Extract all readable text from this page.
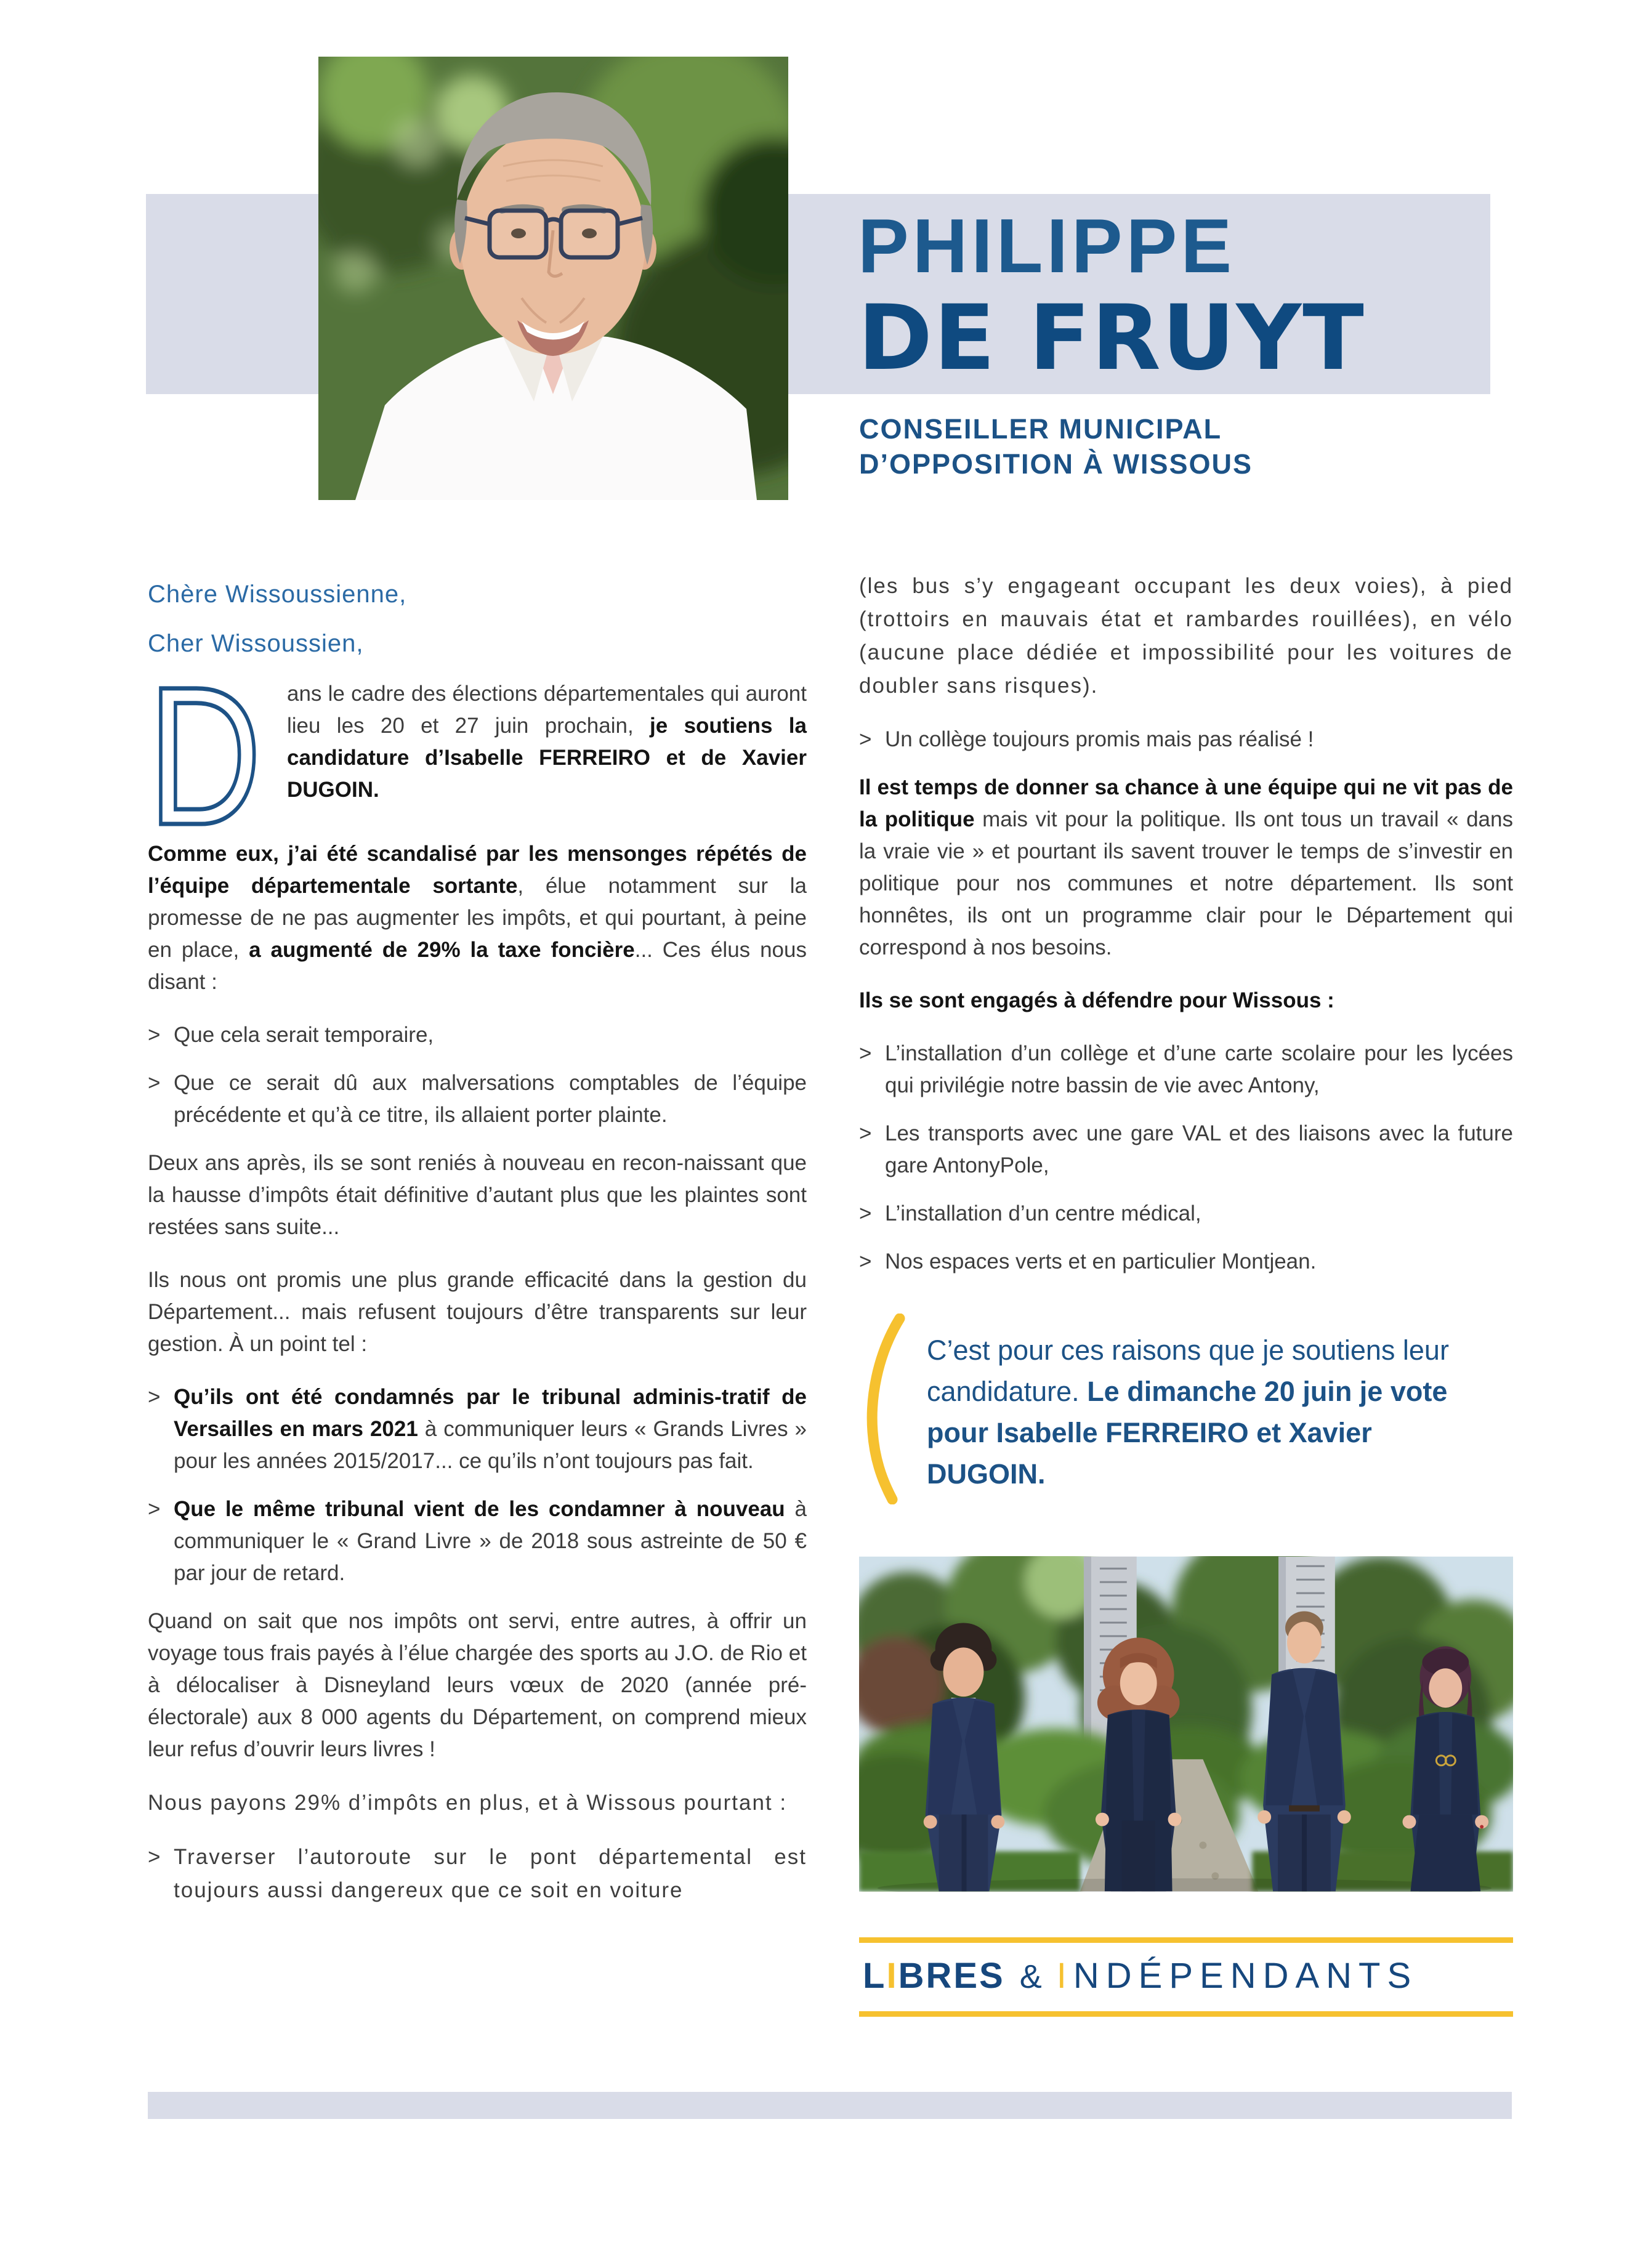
PHILIPPE
DE FRUYT
CONSEILLER MUNICIPAL
D’OPPOSITION À WISSOUS
Chère Wissoussienne,
Cher Wissoussien,
D ans le cadre des élections départementales qui auront lieu les 20 et 27 juin prochain, je soutiens la candidature d’Isabelle FERREIRO et de Xavier DUGOIN.
Comme eux, j’ai été scandalisé par les mensonges répétés de l’équipe départementale sortante, élue notamment sur la promesse de ne pas augmenter les impôts, et qui pourtant, à peine en place, a augmenté de 29% la taxe foncière... Ces élus nous disant :
> Que cela serait temporaire,
> Que ce serait dû aux malversations comptables de l’équipe précédente et qu’à ce titre, ils allaient porter plainte.
Deux ans après, ils se sont reniés à nouveau en recon-naissant que la hausse d’impôts était définitive d’autant plus que les plaintes sont restées sans suite...
Ils nous ont promis une plus grande efficacité dans la gestion du Département... mais refusent toujours d’être transparents sur leur gestion. À un point tel :
> Qu’ils ont été condamnés par le tribunal adminis-tratif de Versailles en mars 2021 à communiquer leurs « Grands Livres » pour les années 2015/2017... ce qu’ils n’ont toujours pas fait.
> Que le même tribunal vient de les condamner à nouveau à communiquer le « Grand Livre » de 2018 sous astreinte de 50 € par jour de retard.
Quand on sait que nos impôts ont servi, entre autres, à offrir un voyage tous frais payés à l’élue chargée des sports au J.O. de Rio et à délocaliser à Disneyland leurs vœux de 2020 (année pré-électorale) aux 8 000 agents du Département, on comprend mieux leur refus d’ouvrir leurs livres !
Nous payons 29% d’impôts en plus, et à Wissous pourtant :
> Traverser l’autoroute sur le pont départemental est toujours aussi dangereux que ce soit en voiture
(les bus s’y engageant occupant les deux voies), à pied (trottoirs en mauvais état et rambardes rouillées), en vélo (aucune place dédiée et impossibilité pour les voitures de doubler sans risques).
> Un collège toujours promis mais pas réalisé !
Il est temps de donner sa chance à une équipe qui ne vit pas de la politique mais vit pour la politique. Ils ont tous un travail « dans la vraie vie » et pourtant ils savent trouver le temps de s’investir en politique pour nos communes et notre département. Ils sont honnêtes, ils ont un programme clair pour le Département qui correspond à nos besoins.
Ils se sont engagés à défendre pour Wissous :
> L’installation d’un collège et d’une carte scolaire pour les lycées qui privilégie notre bassin de vie avec Antony,
> Les transports avec une gare VAL et des liaisons avec la future gare AntonyPole,
> L’installation d’un centre médical,
> Nos espaces verts et en particulier Montjean.
C’est pour ces raisons que je soutiens leur candidature. Le dimanche 20 juin je vote pour Isabelle FERREIRO et Xavier DUGOIN.
LIBRES & INDÉPENDANTS
